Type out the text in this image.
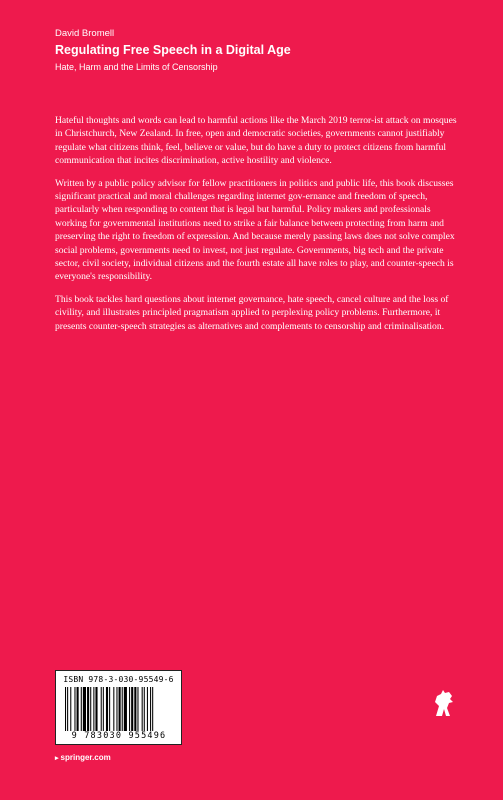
David Bromell
Regulating Free Speech in a Digital Age
Hate, Harm and the Limits of Censorship

Hateful thoughts and words can lead to harmful actions like the March 2019 terror-ist attack on mosques in Christchurch, New Zealand. In free, open and democratic societies, governments cannot justifiably regulate what citizens think, feel, believe or value, but do have a duty to protect citizens from harmful communication that incites discrimination, active hostility and violence.

Written by a public policy advisor for fellow practitioners in politics and public life, this book discusses significant practical and moral challenges regarding internet gov-ernance and freedom of speech, particularly when responding to content that is legal but harmful. Policy makers and professionals working for governmental institutions need to strike a fair balance between protecting from harm and preserving the right to freedom of expression. And because merely passing laws does not solve complex social problems, governments need to invest, not just regulate. Governments, big tech and the private sector, civil society, individual citizens and the fourth estate all have roles to play, and counter-speech is everyone's responsibility.

This book tackles hard questions about internet governance, hate speech, cancel culture and the loss of civility, and illustrates principled pragmatism applied to perplexing policy problems. Furthermore, it presents counter-speech strategies as alternatives and complements to censorship and criminalisation.

ISBN 978-3-030-95549-6
9 783030 955496
▸ springer.com
